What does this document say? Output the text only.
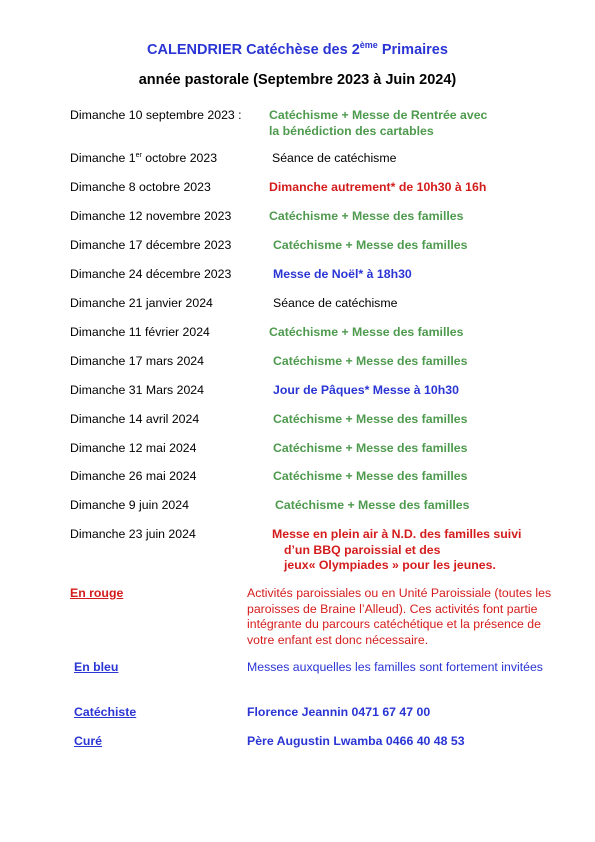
CALENDRIER Catéchèse des 2ème Primaires
année pastorale (Septembre 2023 à Juin 2024)
Dimanche 10 septembre 2023 : Catéchisme + Messe de Rentrée avec
la bénédiction des cartables
Dimanche 1er octobre 2023	Séance de catéchisme
Dimanche 8 octobre 2023	Dimanche autrement* de 10h30 à 16h
Dimanche 12 novembre 2023	Catéchisme + Messe des familles
Dimanche 17 décembre 2023	Catéchisme + Messe des familles
Dimanche 24 décembre 2023	Messe de Noël* à 18h30
Dimanche 21 janvier 2024	Séance de catéchisme
Dimanche 11 février 2024	Catéchisme + Messe des familles
Dimanche 17 mars 2024	Catéchisme + Messe des familles
Dimanche 31 Mars 2024	Jour de Pâques* Messe à 10h30
Dimanche 14 avril 2024	Catéchisme + Messe des familles
Dimanche 12 mai 2024	Catéchisme + Messe des familles
Dimanche 26 mai 2024	Catéchisme + Messe des familles
Dimanche 9 juin 2024	Catéchisme + Messe des familles
Dimanche 23 juin 2024	Messe en plein air à N.D. des familles suivi
d’un BBQ paroissial et des
jeux« Olympiades » pour les jeunes.
En rouge	Activités paroissiales ou en Unité Paroissiale (toutes les paroisses de Braine l’Alleud). Ces activités font partie intégrante du parcours catéchétique et la présence de votre enfant est donc nécessaire.
En bleu	Messes auxquelles les familles sont fortement invitées
Catéchiste	Florence Jeannin 0471 67 47 00
Curé	Père Augustin Lwamba 0466 40 48 53
